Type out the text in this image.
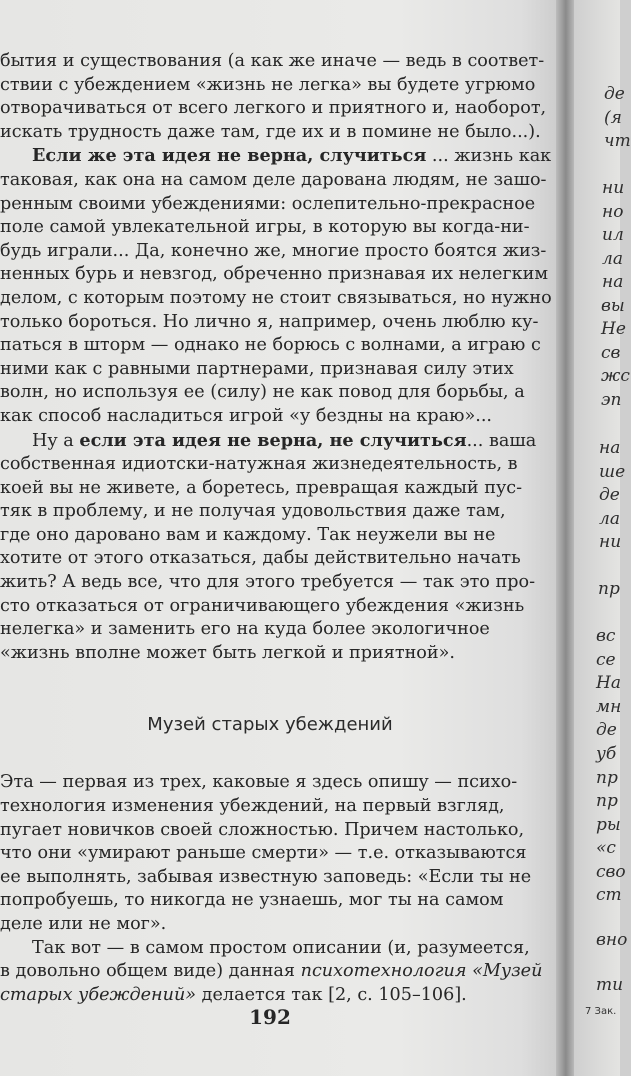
бытия и существования (а как же иначе — ведь в соответ-
ствии с убеждением «жизнь не легка» вы будете угрюмо
отворачиваться от всего легкого и приятного и, наоборот,
искать трудность даже там, где их и в помине не было...).

Если же эта идея не верна, случиться ... жизнь как
таковая, как она на самом деле дарована людям, не зашо-
ренным своими убеждениями: ослепительно-прекрасное
поле самой увлекательной игры, в которую вы когда-ни-
будь играли... Да, конечно же, многие просто боятся жиз-
ненных бурь и невзгод, обреченно признавая их нелегким
делом, с которым поэтому не стоит связываться, но нужно
только бороться. Но лично я, например, очень люблю ку-
паться в шторм — однако не борюсь с волнами, а играю с
ними как с равными партнерами, признавая силу этих
волн, но используя ее (силу) не как повод для борьбы, а
как способ насладиться игрой «у бездны на краю»...

Ну а если эта идея не верна, не случиться... ваша
собственная идиотски-натужная жизнедеятельность, в
коей вы не живете, а боретесь, превращая каждый пус-
тяк в проблему, и не получая удовольствия даже там,
где оно даровано вам и каждому. Так неужели вы не
хотите от этого отказаться, дабы действительно начать
жить? А ведь все, что для этого требуется — так это про-
сто отказаться от ограничивающего убеждения «жизнь
нелегка» и заменить его на куда более экологичное
«жизнь вполне может быть легкой и приятной».

Музей старых убеждений

Эта — первая из трех, каковые я здесь опишу — психо-
технология изменения убеждений, на первый взгляд,
пугает новичков своей сложностью. Причем настолько,
что они «умирают раньше смерти» — т.е. отказываются
ее выполнять, забывая известную заповедь: «Если ты не
попробуешь, то никогда не узнаешь, мог ты на самом
деле или не мог».

Так вот — в самом простом описании (и, разумеется,
в довольно общем виде) данная психотехнология «Музей
старых убеждений» делается так [2, с. 105–106].

192
де
(я
чт
ни
но
ил
ла
на
вы
Не
св
жс
эп
на
ше
де
ла
ни
пр
вс
се
На
мн
де
уб
пр
пр
ры
«с
сво
ст
вно
ти
7 Зак.
